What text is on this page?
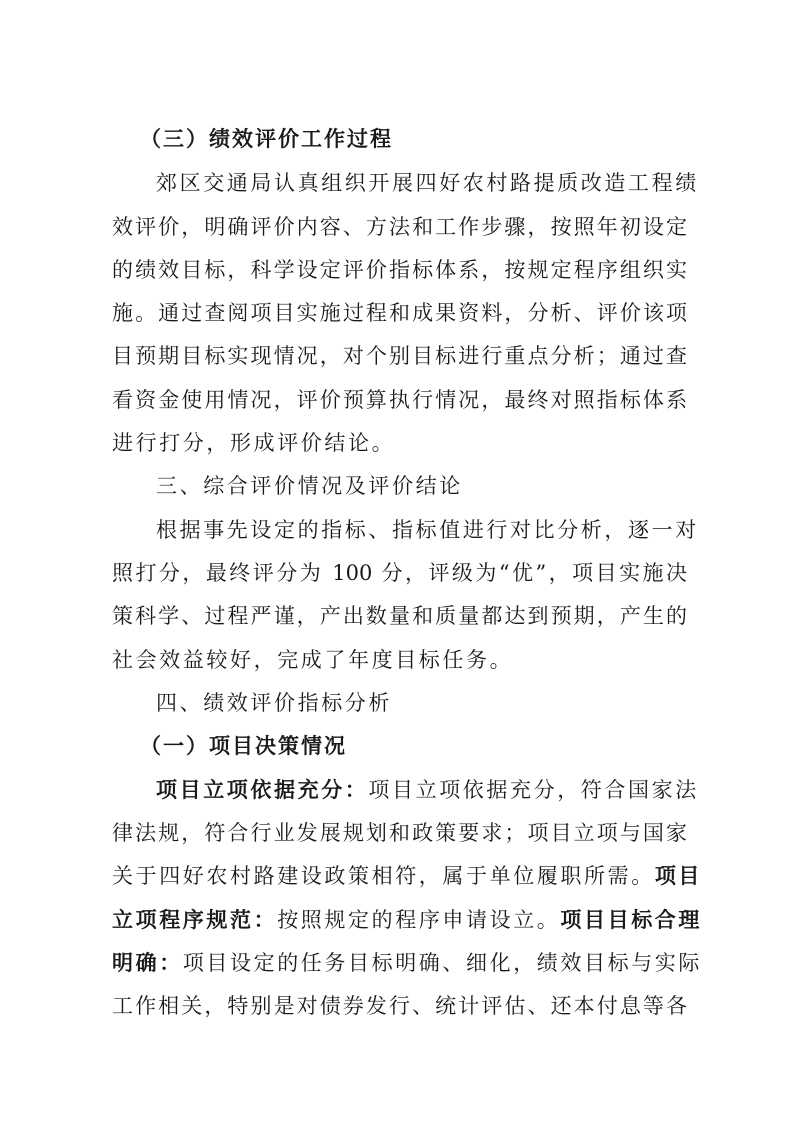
（三）绩效评价工作过程
郊区交通局认真组织开展四好农村路提质改造工程绩
效评价，明确评价内容、方法和工作步骤，按照年初设定
的绩效目标，科学设定评价指标体系，按规定程序组织实
施。通过查阅项目实施过程和成果资料，分析、评价该项
目预期目标实现情况，对个别目标进行重点分析；通过查
看资金使用情况，评价预算执行情况，最终对照指标体系
进行打分，形成评价结论。
三、综合评价情况及评价结论
根据事先设定的指标、指标值进行对比分析，逐一对
照打分，最终评分为 100 分，评级为“优”，项目实施决
策科学、过程严谨，产出数量和质量都达到预期，产生的
社会效益较好，完成了年度目标任务。
四、绩效评价指标分析
（一）项目决策情况
项目立项依据充分：项目立项依据充分，符合国家法
律法规，符合行业发展规划和政策要求；项目立项与国家
关于四好农村路建设政策相符，属于单位履职所需。项目
立项程序规范：按照规定的程序申请设立。项目目标合理
明确：项目设定的任务目标明确、细化，绩效目标与实际
工作相关，特别是对债券发行、统计评估、还本付息等各
